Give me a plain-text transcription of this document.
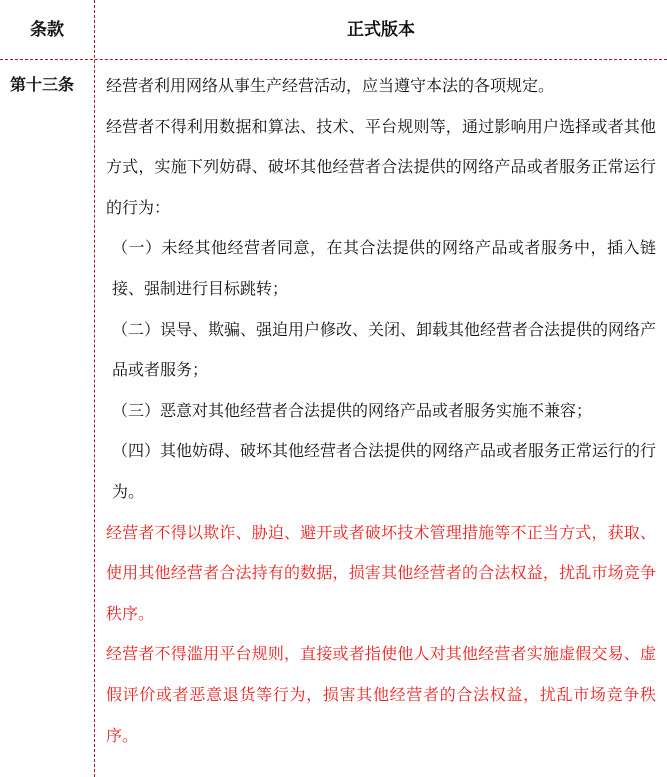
条款	正式版本
第十三条 经营者利用网络从事生产经营活动，应当遵守本法的各项规定。

经营者不得利用数据和算法、技术、平台规则等，通过影响用户选择或者其他方式，实施下列妨碍、破坏其他经营者合法提供的网络产品或者服务正常运行的行为：

（一）未经其他经营者同意，在其合法提供的网络产品或者服务中，插入链接、强制进行目标跳转；

（二）误导、欺骗、强迫用户修改、关闭、卸载其他经营者合法提供的网络产品或者服务；

（三）恶意对其他经营者合法提供的网络产品或者服务实施不兼容；

（四）其他妨碍、破坏其他经营者合法提供的网络产品或者服务正常运行的行为。

经营者不得以欺诈、胁迫、避开或者破坏技术管理措施等不正当方式，获取、使用其他经营者合法持有的数据，损害其他经营者的合法权益，扰乱市场竞争秩序。

经营者不得滥用平台规则，直接或者指使他人对其他经营者实施虚假交易、虚假评价或者恶意退货等行为，损害其他经营者的合法权益，扰乱市场竞争秩序。
